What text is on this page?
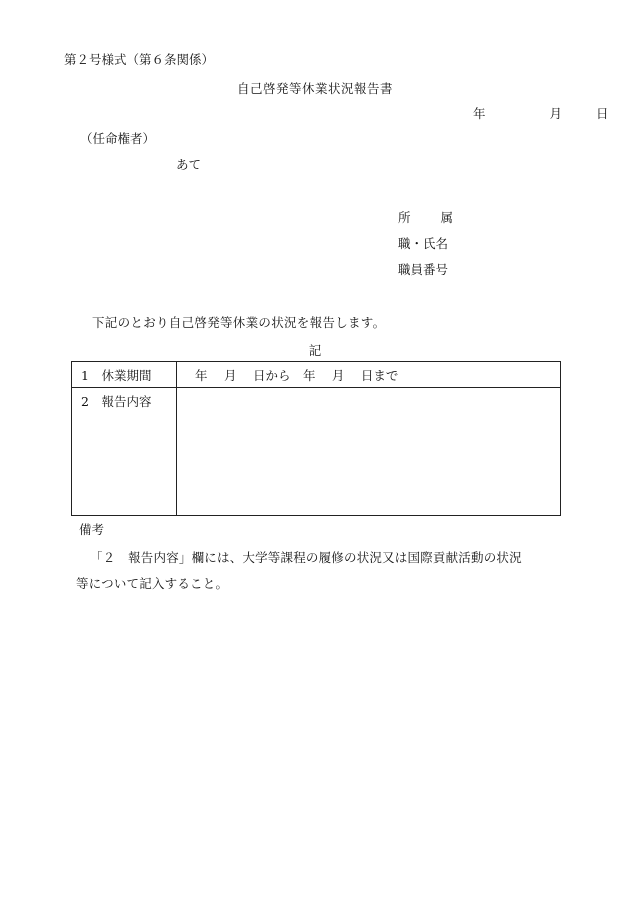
第２号様式（第６条関係）
自己啓発等休業状況報告書
年	月	日
（任命権者）
あて
所 属
職・氏名
職員番号
下記のとおり自己啓発等休業の状況を報告します。
記
1　休業期間	年　 月　 日から　年　 月　 日まで
2　報告内容	
備考
「２　報告内容」欄には、大学等課程の履修の状況又は国際貢献活動の状況
等について記入すること。
